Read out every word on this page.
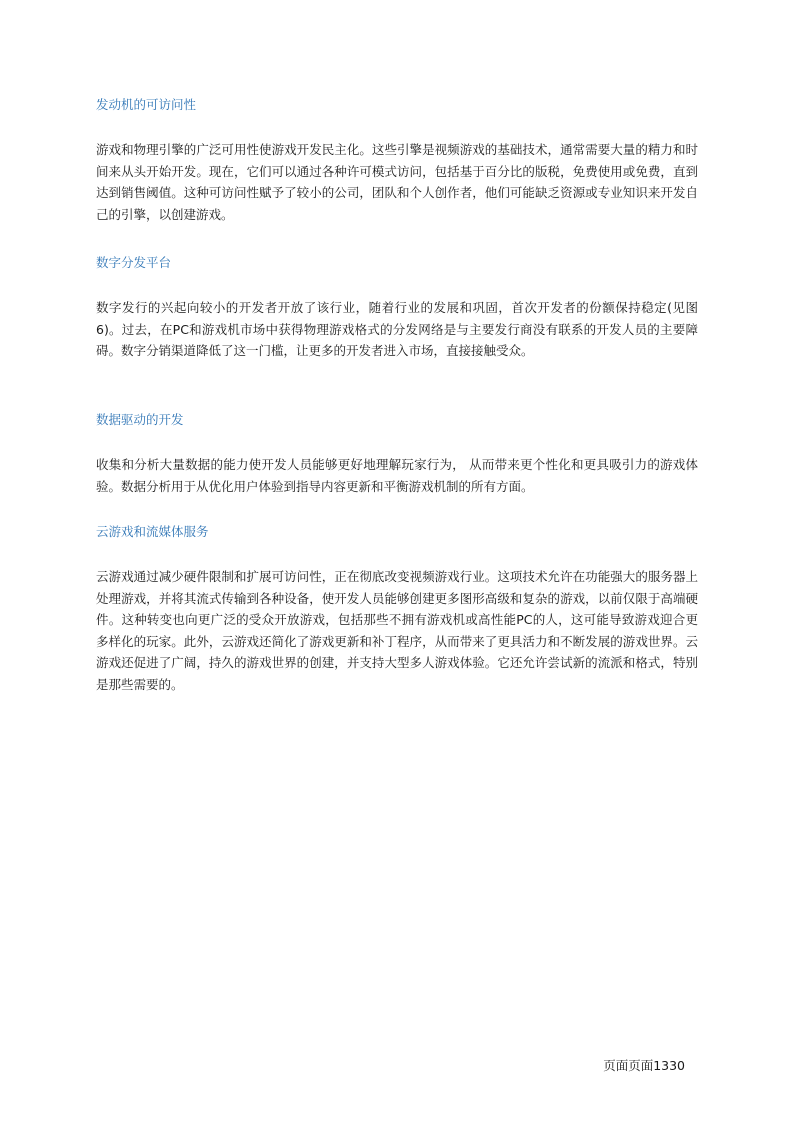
发动机的可访问性

游戏和物理引擎的广泛可用性使游戏开发民主化。这些引擎是视频游戏的基础技术，通常需要大量的精力和时间来从头开始开发。现在，它们可以通过各种许可模式访问，包括基于百分比的版税，免费使用或免费，直到达到销售阈值。这种可访问性赋予了较小的公司，团队和个人创作者，他们可能缺乏资源或专业知识来开发自己的引擎，以创建游戏。

数字分发平台

数字发行的兴起向较小的开发者开放了该行业，随着行业的发展和巩固，首次开发者的份额保持稳定(见图6)。过去，在PC和游戏机市场中获得物理游戏格式的分发网络是与主要发行商没有联系的开发人员的主要障碍。数字分销渠道降低了这一门槛，让更多的开发者进入市场，直接接触受众。

数据驱动的开发

收集和分析大量数据的能力使开发人员能够更好地理解玩家行为， 从而带来更个性化和更具吸引力的游戏体验。数据分析用于从优化用户体验到指导内容更新和平衡游戏机制的所有方面。

云游戏和流媒体服务

云游戏通过减少硬件限制和扩展可访问性，正在彻底改变视频游戏行业。这项技术允许在功能强大的服务器上处理游戏，并将其流式传输到各种设备，使开发人员能够创建更多图形高级和复杂的游戏，以前仅限于高端硬件。这种转变也向更广泛的受众开放游戏，包括那些不拥有游戏机或高性能PC的人，这可能导致游戏迎合更多样化的玩家。此外，云游戏还简化了游戏更新和补丁程序，从而带来了更具活力和不断发展的游戏世界。云游戏还促进了广阔，持久的游戏世界的创建，并支持大型多人游戏体验。它还允许尝试新的流派和格式，特别是那些需要的。

页面页面1330
